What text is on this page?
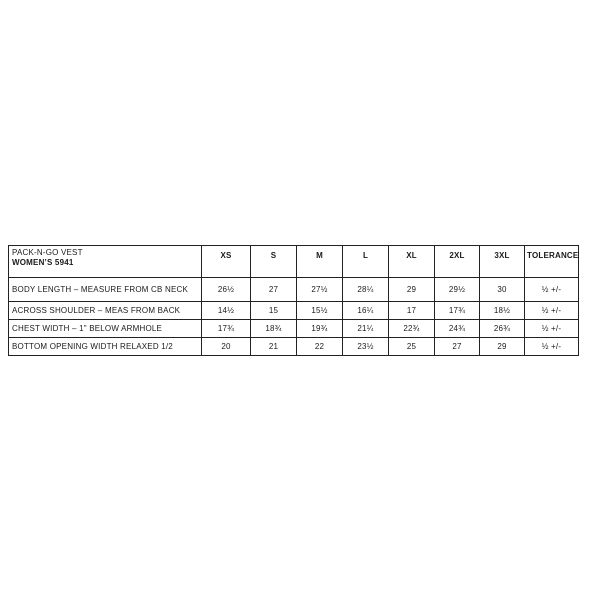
PACK-N-GO VEST
WOMEN’S 5941	XS	S	M	L	XL	2XL	3XL	TOLERANCE
BODY LENGTH – MEASURE FROM CB NECK	26½	27	27½	28¼	29	29½	30	½ +/-
ACROSS SHOULDER – MEAS FROM BACK	14½	15	15½	16¼	17	17¾	18½	½ +/-
CHEST WIDTH – 1" BELOW ARMHOLE	17¾	18¾	19¾	21¼	22¾	24¾	26¾	½ +/-
BOTTOM OPENING WIDTH RELAXED 1/2	20	21	22	23½	25	27	29	½ +/-
